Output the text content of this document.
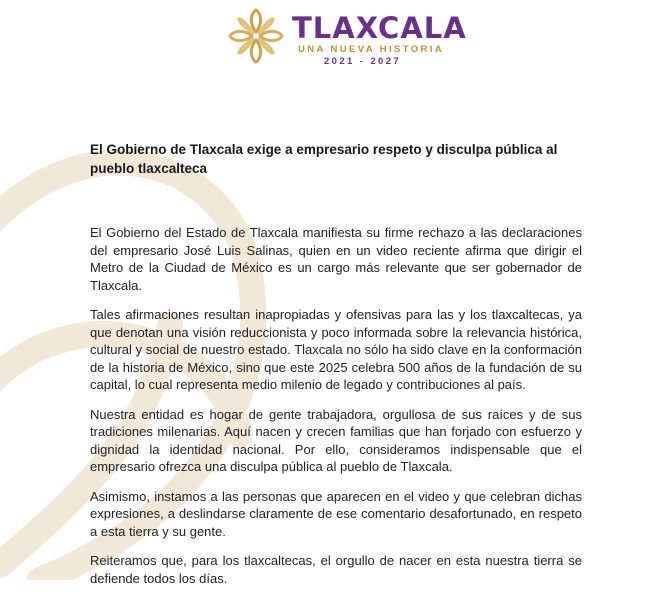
TLAXCALA

UNA NUEVA HISTORIA

2021 - 2027

El Gobierno de Tlaxcala exige a empresario respeto y disculpa pública al pueblo tlaxcalteca

El Gobierno del Estado de Tlaxcala manifiesta su firme rechazo a las declaraciones del empresario José Luis Salinas, quien en un video reciente afirma que dirigir el Metro de la Ciudad de México es un cargo más relevante que ser gobernador de Tlaxcala.

Tales afirmaciones resultan inapropiadas y ofensivas para las y los tlaxcaltecas, ya que denotan una visión reduccionista y poco informada sobre la relevancia histórica, cultural y social de nuestro estado. Tlaxcala no sólo ha sido clave en la conformación de la historia de México, sino que este 2025 celebra 500 años de la fundación de su capital, lo cual representa medio milenio de legado y contribuciones al país.

Nuestra entidad es hogar de gente trabajadora, orgullosa de sus raíces y de sus tradiciones milenarias. Aquí nacen y crecen familias que han forjado con esfuerzo y dignidad la identidad nacional. Por ello, consideramos indispensable que el empresario ofrezca una disculpa pública al pueblo de Tlaxcala.

Asimismo, instamos a las personas que aparecen en el video y que celebran dichas expresiones, a deslindarse claramente de ese comentario desafortunado, en respeto a esta tierra y su gente.

Reiteramos que, para los tlaxcaltecas, el orgullo de nacer en esta nuestra tierra se defiende todos los días.
